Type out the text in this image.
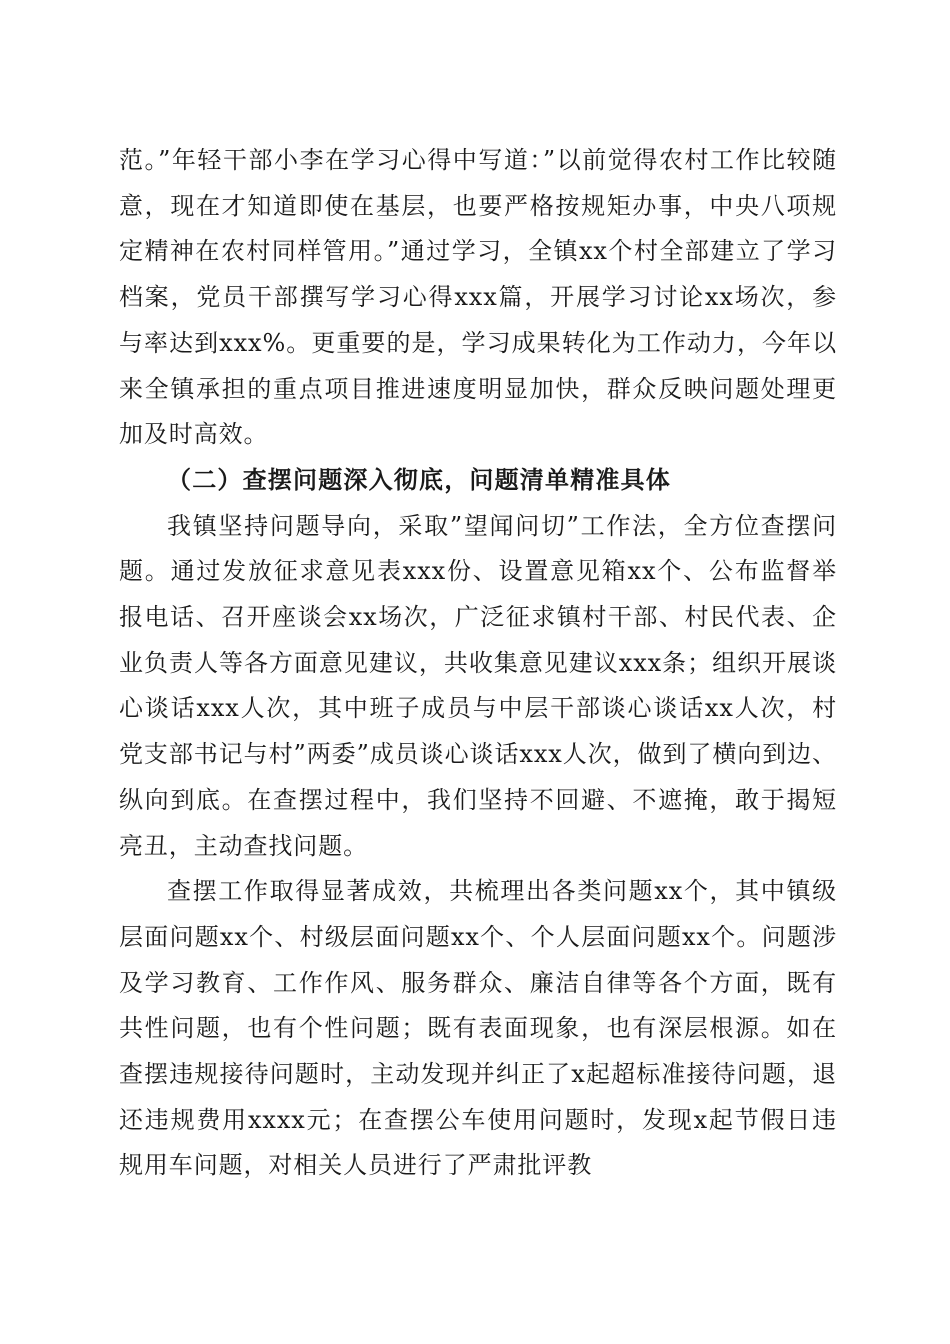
范。”年轻干部小李在学习心得中写道：”以前觉得农村工作比较随意，现在才知道即使在基层，也要严格按规矩办事，中央八项规定精神在农村同样管用。”通过学习，全镇xx个村全部建立了学习档案，党员干部撰写学习心得xxx篇，开展学习讨论xx场次，参与率达到xxx%。更重要的是，学习成果转化为工作动力，今年以来全镇承担的重点项目推进速度明显加快，群众反映问题处理更加及时高效。

（二）查摆问题深入彻底，问题清单精准具体

我镇坚持问题导向，采取”望闻问切”工作法，全方位查摆问题。通过发放征求意见表xxx份、设置意见箱xx个、公布监督举报电话、召开座谈会xx场次，广泛征求镇村干部、村民代表、企业负责人等各方面意见建议，共收集意见建议xxx条；组织开展谈心谈话xxx人次，其中班子成员与中层干部谈心谈话xx人次，村党支部书记与村”两委”成员谈心谈话xxx人次，做到了横向到边、纵向到底。在查摆过程中，我们坚持不回避、不遮掩，敢于揭短亮丑，主动查找问题。

查摆工作取得显著成效，共梳理出各类问题xx个，其中镇级层面问题xx个、村级层面问题xx个、个人层面问题xx个。问题涉及学习教育、工作作风、服务群众、廉洁自律等各个方面，既有共性问题，也有个性问题；既有表面现象，也有深层根源。如在查摆违规接待问题时，主动发现并纠正了x起超标准接待问题，退还违规费用xxxx元；在查摆公车使用问题时，发现x起节假日违规用车问题，对相关人员进行了严肃批评教
